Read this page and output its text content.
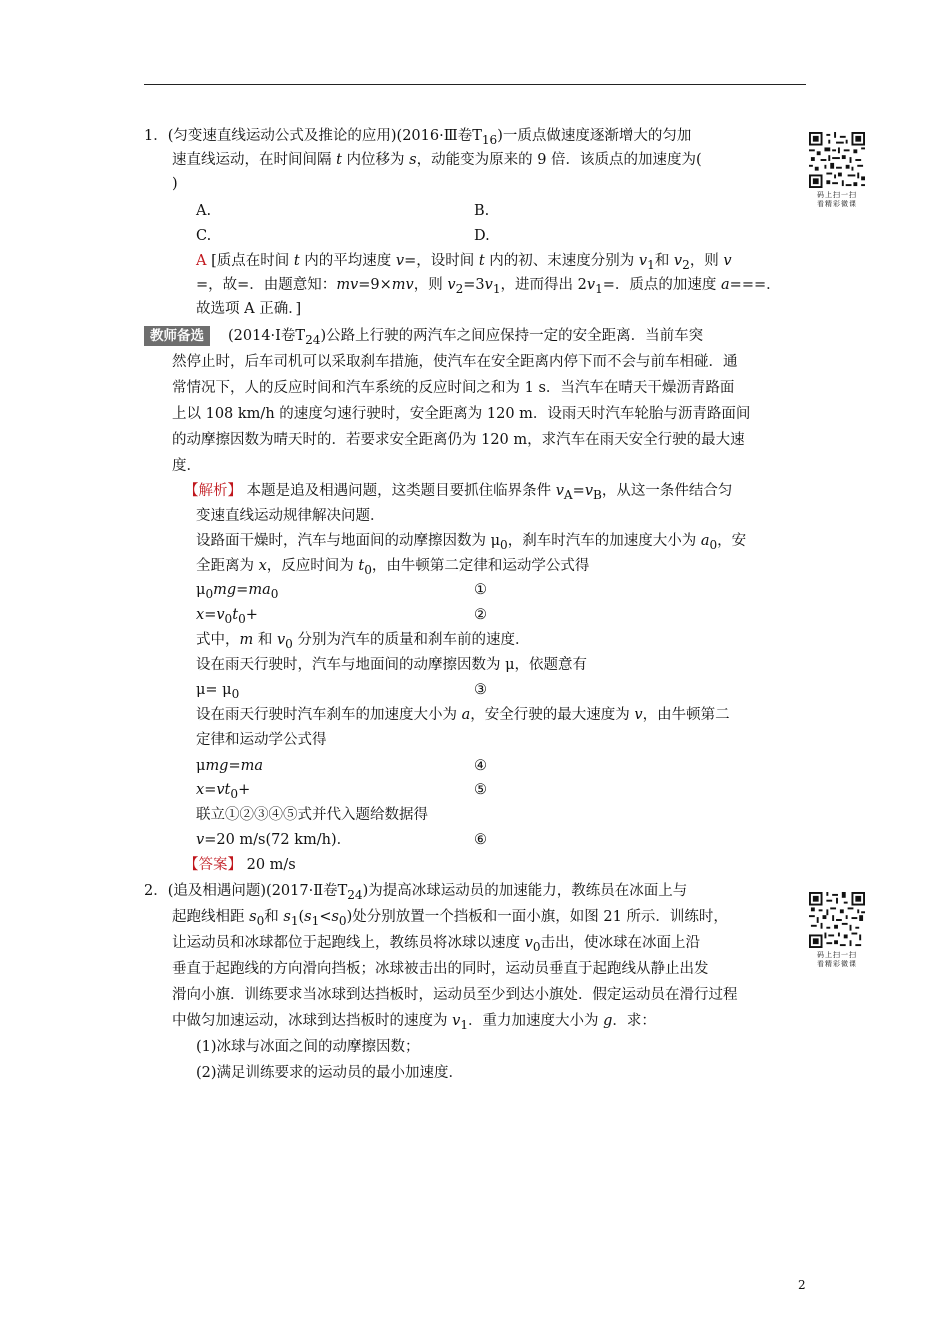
1．(匀变速直线运动公式及推论的应用)(2016·Ⅲ卷$T_{16}$)一质点做速度逐渐增大的匀加
速直线运动，在时间间隔 t 内位移为 s，动能变为原来的 9 倍．该质点的加速度为(
)
A.	B.
C.	D.
A [质点在时间 t 内的平均速度 v=，设时间 t 内的初、末速度分别为 $v_1$和 $v_2$，则 v
=，故=．由题意知：mv=9×mv，则 $v_2=3v_1$，进而得出 $2v_1=$．质点的加速度 a===．
故选项 A 正确．]
码上扫一扫
看精彩微课
教师备选	(2014·Ⅰ卷$T_{24}$)公路上行驶的两汽车之间应保持一定的安全距离．当前车突
然停止时，后车司机可以采取刹车措施，使汽车在安全距离内停下而不会与前车相碰．通
常情况下，人的反应时间和汽车系统的反应时间之和为 1 s．当汽车在晴天干燥沥青路面
上以 108 km/h 的速度匀速行驶时，安全距离为 120 m．设雨天时汽车轮胎与沥青路面间
的动摩擦因数为晴天时的．若要求安全距离仍为 120 m，求汽车在雨天安全行驶的最大速
度．
【解析】 本题是追及相遇问题，这类题目要抓住临界条件 $v_A=v_B$，从这一条件结合匀
变速直线运动规律解决问题．
设路面干燥时，汽车与地面间的动摩擦因数为 $\mu_0$，刹车时汽车的加速度大小为 $a_0$，安
全距离为 x，反应时间为 $t_0$，由牛顿第二定律和运动学公式得
$\mu_0mg=ma_0$	①
$x=v_0t_0+$	②
式中，m 和 $v_0$ 分别为汽车的质量和刹车前的速度．
设在雨天行驶时，汽车与地面间的动摩擦因数为 μ，依题意有
$\mu= \mu_0$	③
设在雨天行驶时汽车刹车的加速度大小为 a，安全行驶的最大速度为 v，由牛顿第二
定律和运动学公式得
μmg=ma	④
$x=vt_0+$	⑤
联立①②③④⑤式并代入题给数据得
v=20 m/s(72 km/h)．	⑥
【答案】 20 m/s
2．(追及相遇问题)(2017·Ⅱ卷$T_{24}$)为提高冰球运动员的加速能力，教练员在冰面上与
起跑线相距 $s_0$和 $s_1(s_1<s_0)$处分别放置一个挡板和一面小旗，如图 21 所示．训练时，
让运动员和冰球都位于起跑线上，教练员将冰球以速度 $v_0$击出，使冰球在冰面上沿
垂直于起跑线的方向滑向挡板；冰球被击出的同时，运动员垂直于起跑线从静止出发
滑向小旗．训练要求当冰球到达挡板时，运动员至少到达小旗处．假定运动员在滑行过程
中做匀加速运动，冰球到达挡板时的速度为 $v_1$．重力加速度大小为 g．求：
(1)冰球与冰面之间的动摩擦因数；
(2)满足训练要求的运动员的最小加速度．
码上扫一扫
看精彩微课
2
